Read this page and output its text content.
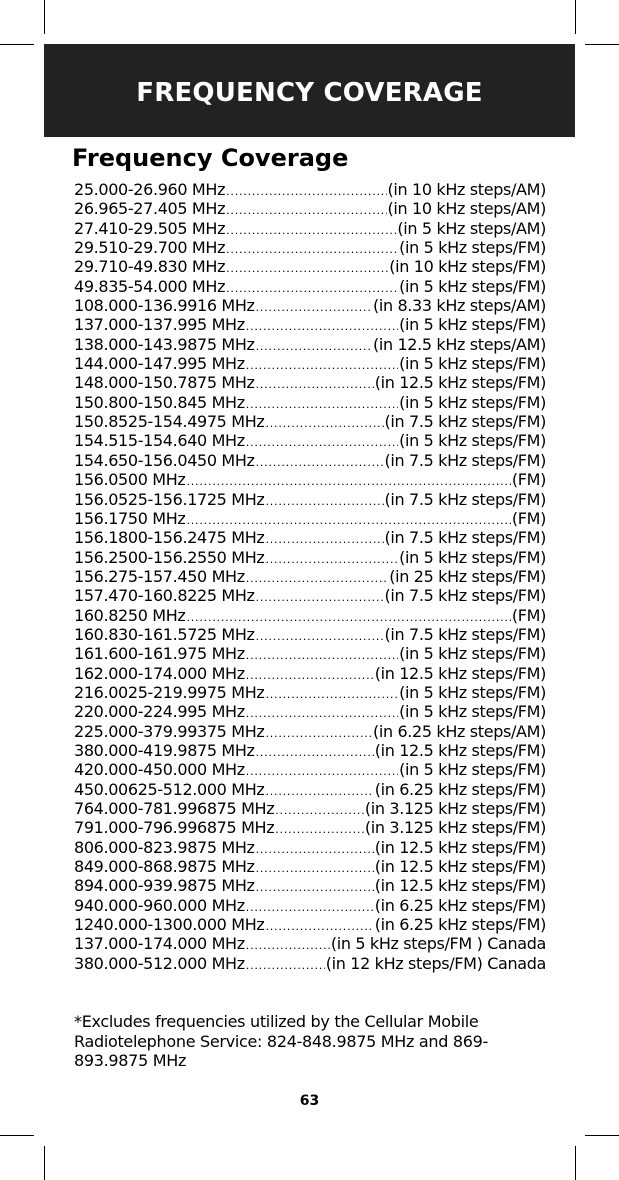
FREQUENCY COVERAGE
Frequency Coverage
25.000-26.960 MHz .....	(in 10 kHz steps/AM)
26.965-27.405 MHz .....	(in 10 kHz steps/AM)
27.410-29.505 MHz .....	(in 5 kHz steps/AM)
29.510-29.700 MHz .....	(in 5 kHz steps/FM)
29.710-49.830 MHz .....	(in 10 kHz steps/FM)
49.835-54.000 MHz .....	(in 5 kHz steps/FM)
108.000-136.9916 MHz .....	(in 8.33 kHz steps/AM)
137.000-137.995 MHz .....	(in 5 kHz steps/FM)
138.000-143.9875 MHz .....	(in 12.5 kHz steps/AM)
144.000-147.995 MHz .....	(in 5 kHz steps/FM)
148.000-150.7875 MHz .....	(in 12.5 kHz steps/FM)
150.800-150.845 MHz .....	(in 5 kHz steps/FM)
150.8525-154.4975 MHz .....	(in 7.5 kHz steps/FM)
154.515-154.640 MHz .....	(in 5 kHz steps/FM)
154.650-156.0450 MHz .....	(in 7.5 kHz steps/FM)
156.0500 MHz .....	(FM)
156.0525-156.1725 MHz .....	(in 7.5 kHz steps/FM)
156.1750 MHz .....	(FM)
156.1800-156.2475 MHz .....	(in 7.5 kHz steps/FM)
156.2500-156.2550 MHz .....	(in 5 kHz steps/FM)
156.275-157.450 MHz .....	(in 25 kHz steps/FM)
157.470-160.8225 MHz .....	(in 7.5 kHz steps/FM)
160.8250 MHz .....	(FM)
160.830-161.5725 MHz .....	(in 7.5 kHz steps/FM)
161.600-161.975 MHz .....	(in 5 kHz steps/FM)
162.000-174.000 MHz .....	(in 12.5 kHz steps/FM)
216.0025-219.9975 MHz .....	(in 5 kHz steps/FM)
220.000-224.995 MHz .....	(in 5 kHz steps/FM)
225.000-379.99375 MHz .....	(in 6.25 kHz steps/AM)
380.000-419.9875 MHz .....	(in 12.5 kHz steps/FM)
420.000-450.000 MHz .....	(in 5 kHz steps/FM)
450.00625-512.000 MHz .....	(in 6.25 kHz steps/FM)
764.000-781.996875 MHz .....	(in 3.125 kHz steps/FM)
791.000-796.996875 MHz .....	(in 3.125 kHz steps/FM)
806.000-823.9875 MHz .....	(in 12.5 kHz steps/FM)
849.000-868.9875 MHz .....	(in 12.5 kHz steps/FM)
894.000-939.9875 MHz .....	(in 12.5 kHz steps/FM)
940.000-960.000 MHz .....	(in 6.25 kHz steps/FM)
1240.000-1300.000 MHz .....	(in 6.25 kHz steps/FM)
137.000-174.000 MHz .....	(in 5 kHz steps/FM ) Canada
380.000-512.000 MHz .....	(in 12 kHz steps/FM) Canada

*Excludes frequencies utilized by the Cellular Mobile Radiotelephone Service: 824-848.9875 MHz and 869-893.9875 MHz

63
